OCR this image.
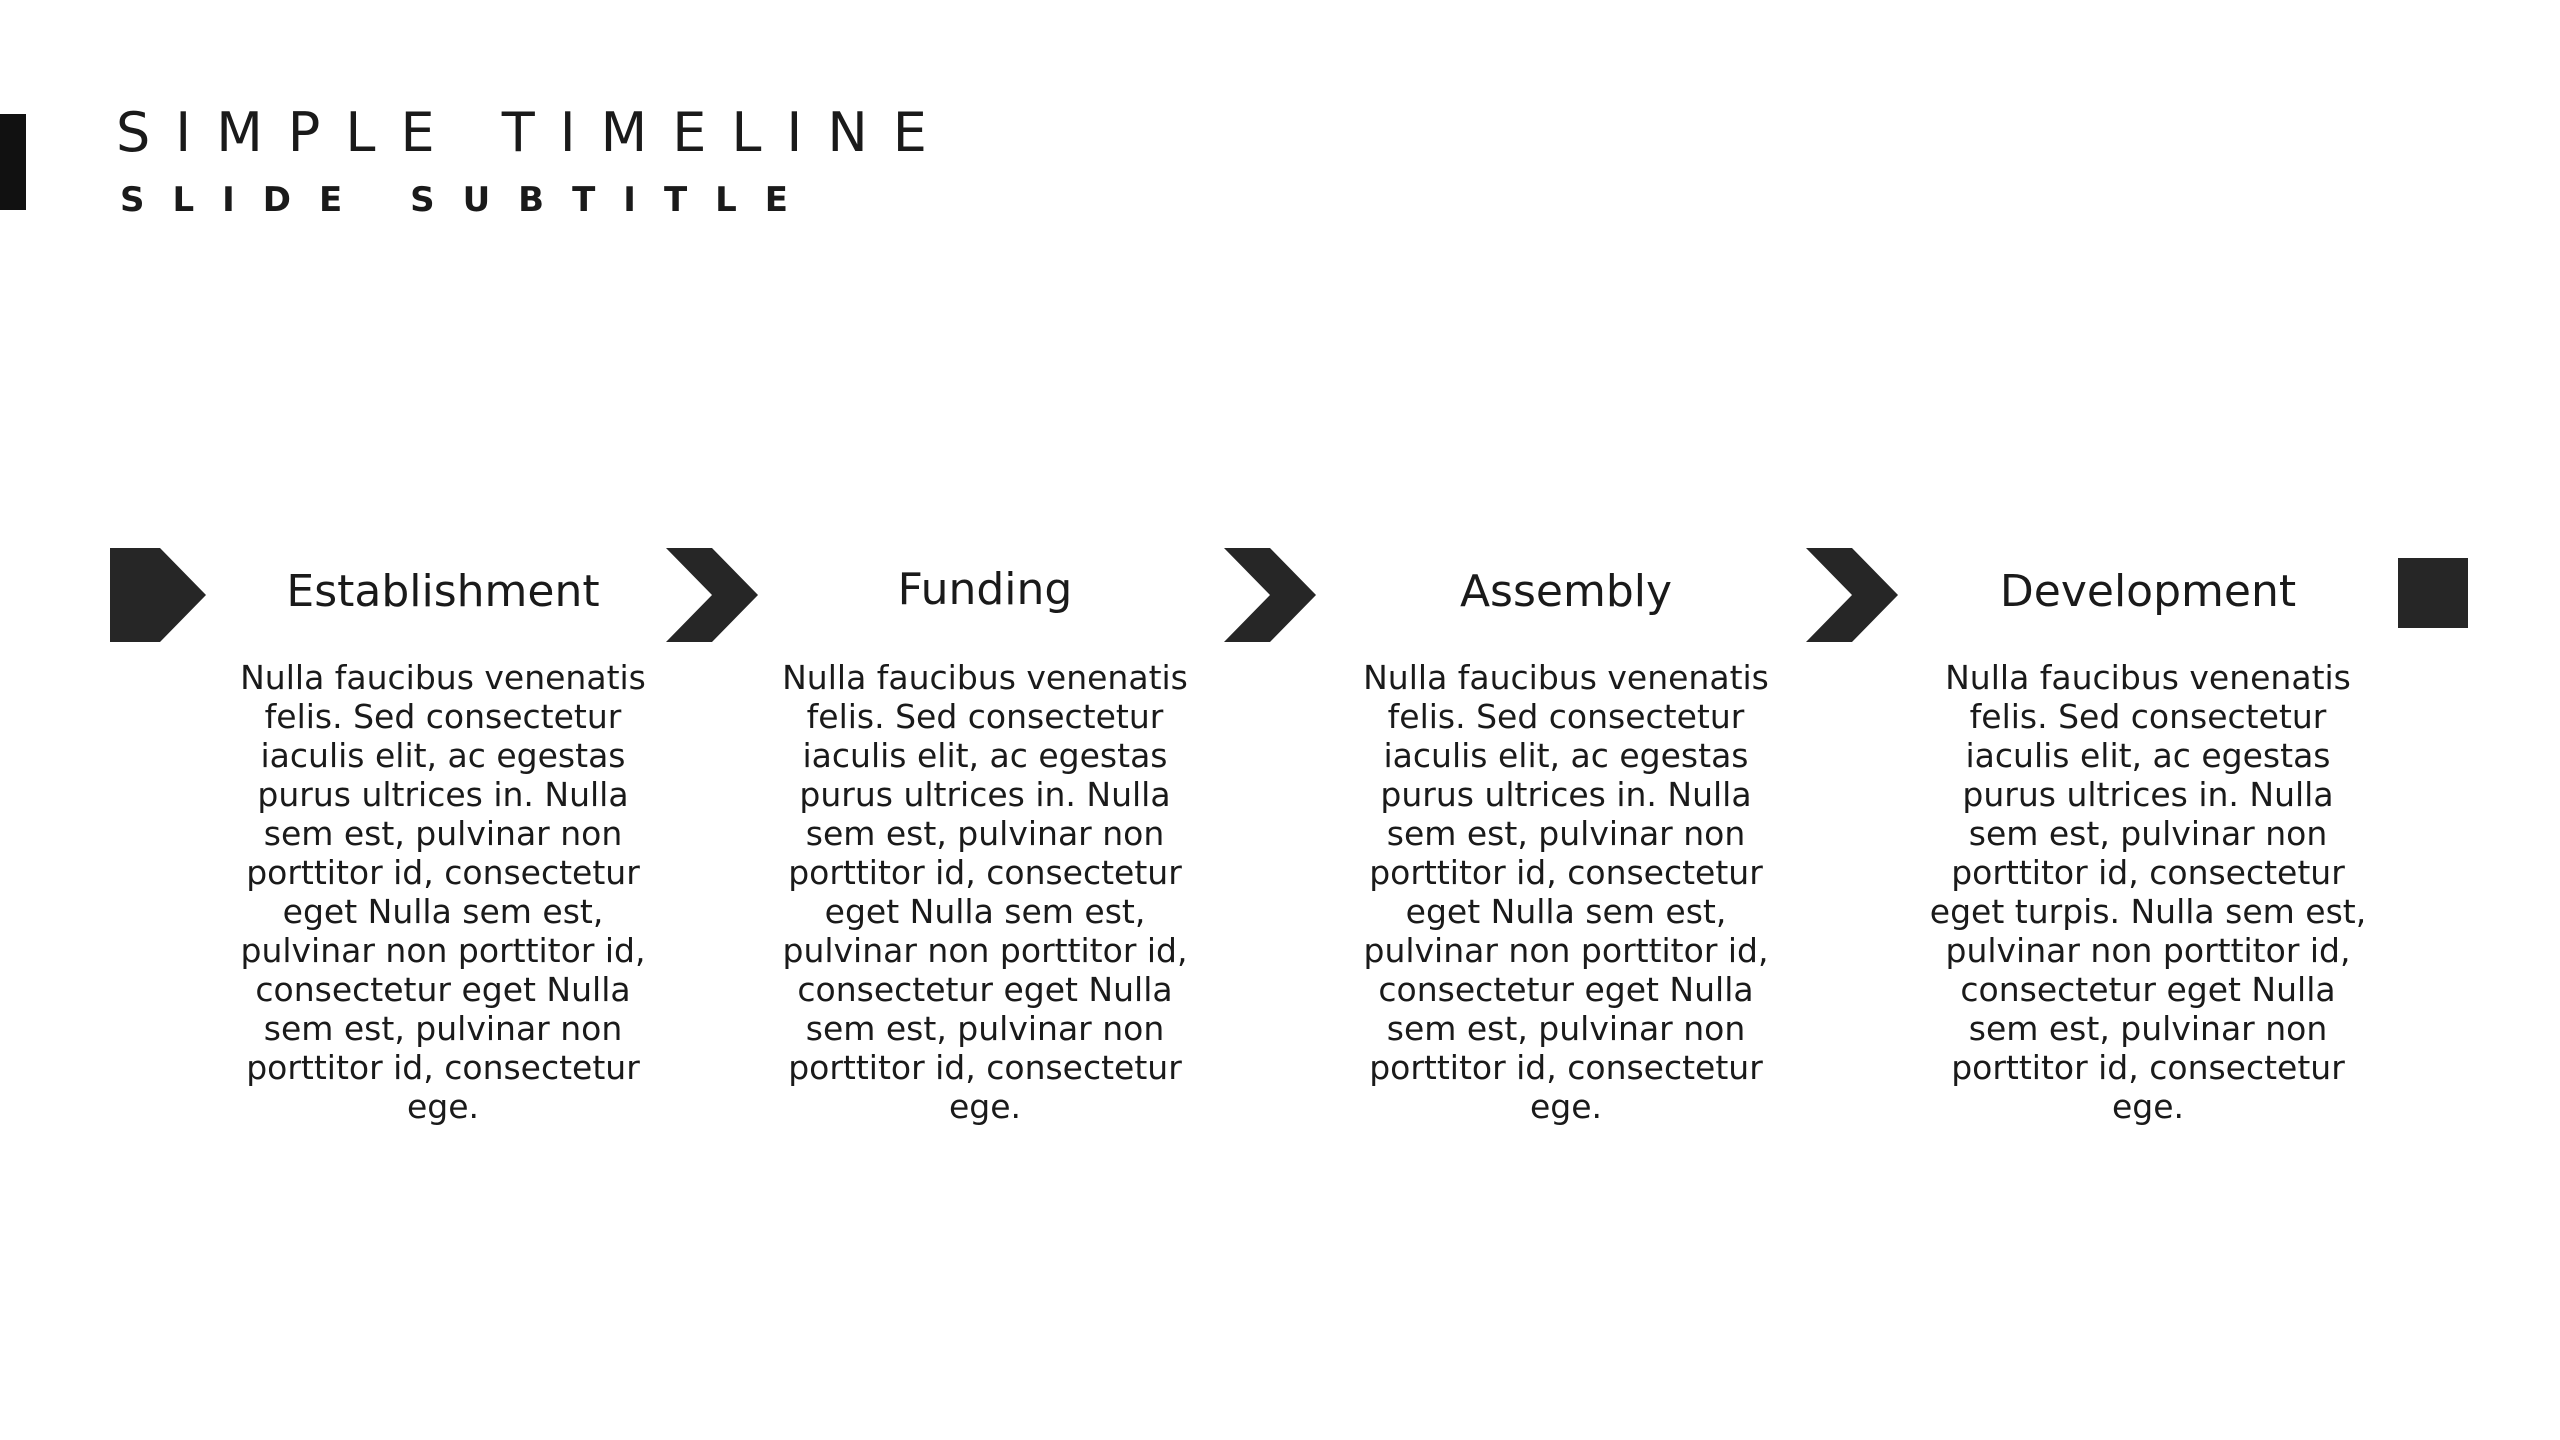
SIMPLE TIMELINE
SLIDE SUBTITLE
Establishment

Nulla faucibus venenatis felis. Sed consectetur iaculis elit, ac egestas purus ultrices in. Nulla sem est, pulvinar non porttitor id, consectetur eget Nulla sem est, pulvinar non porttitor id, consectetur eget Nulla sem est, pulvinar non porttitor id, consectetur ege.

Funding

Nulla faucibus venenatis felis. Sed consectetur iaculis elit, ac egestas purus ultrices in. Nulla sem est, pulvinar non porttitor id, consectetur eget Nulla sem est, pulvinar non porttitor id, consectetur eget Nulla sem est, pulvinar non porttitor id, consectetur ege.

Assembly

Nulla faucibus venenatis felis. Sed consectetur iaculis elit, ac egestas purus ultrices in. Nulla sem est, pulvinar non porttitor id, consectetur eget Nulla sem est, pulvinar non porttitor id, consectetur eget Nulla sem est, pulvinar non porttitor id, consectetur ege.

Development

Nulla faucibus venenatis felis. Sed consectetur iaculis elit, ac egestas purus ultrices in. Nulla sem est, pulvinar non porttitor id, consectetur eget turpis. Nulla sem est, pulvinar non porttitor id, consectetur eget Nulla sem est, pulvinar non porttitor id, consectetur ege.
